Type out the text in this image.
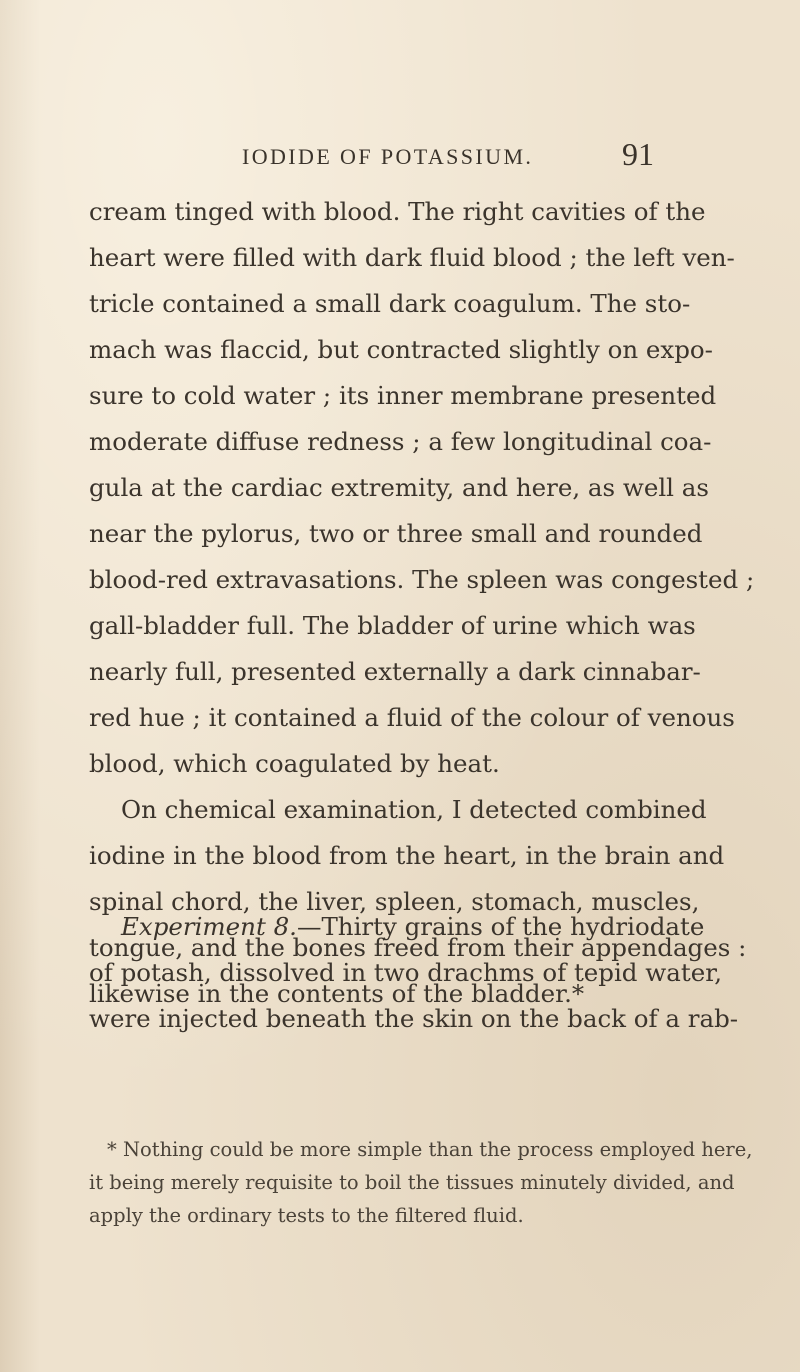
IODIDE OF POTASSIUM.	91
cream tinged with blood. The right cavities of the
heart were filled with dark fluid blood ; the left ven-
tricle contained a small dark coagulum. The sto-
mach was flaccid, but contracted slightly on expo-
sure to cold water ; its inner membrane presented
moderate diffuse redness ; a few longitudinal coa-
gula at the cardiac extremity, and here, as well as
near the pylorus, two or three small and rounded
blood-red extravasations. The spleen was congested ;
gall-bladder full. The bladder of urine which was
nearly full, presented externally a dark cinnabar-
red hue ; it contained a fluid of the colour of venous
blood, which coagulated by heat.
On chemical examination, I detected combined
iodine in the blood from the heart, in the brain and
spinal chord, the liver, spleen, stomach, muscles,
tongue, and the bones freed from their appendages :
likewise in the contents of the bladder.*
Experiment 8.—Thirty grains of the hydriodate
of potash, dissolved in two drachms of tepid water,
were injected beneath the skin on the back of a rab-
* Nothing could be more simple than the process employed here,
it being merely requisite to boil the tissues minutely divided, and
apply the ordinary tests to the filtered fluid.
